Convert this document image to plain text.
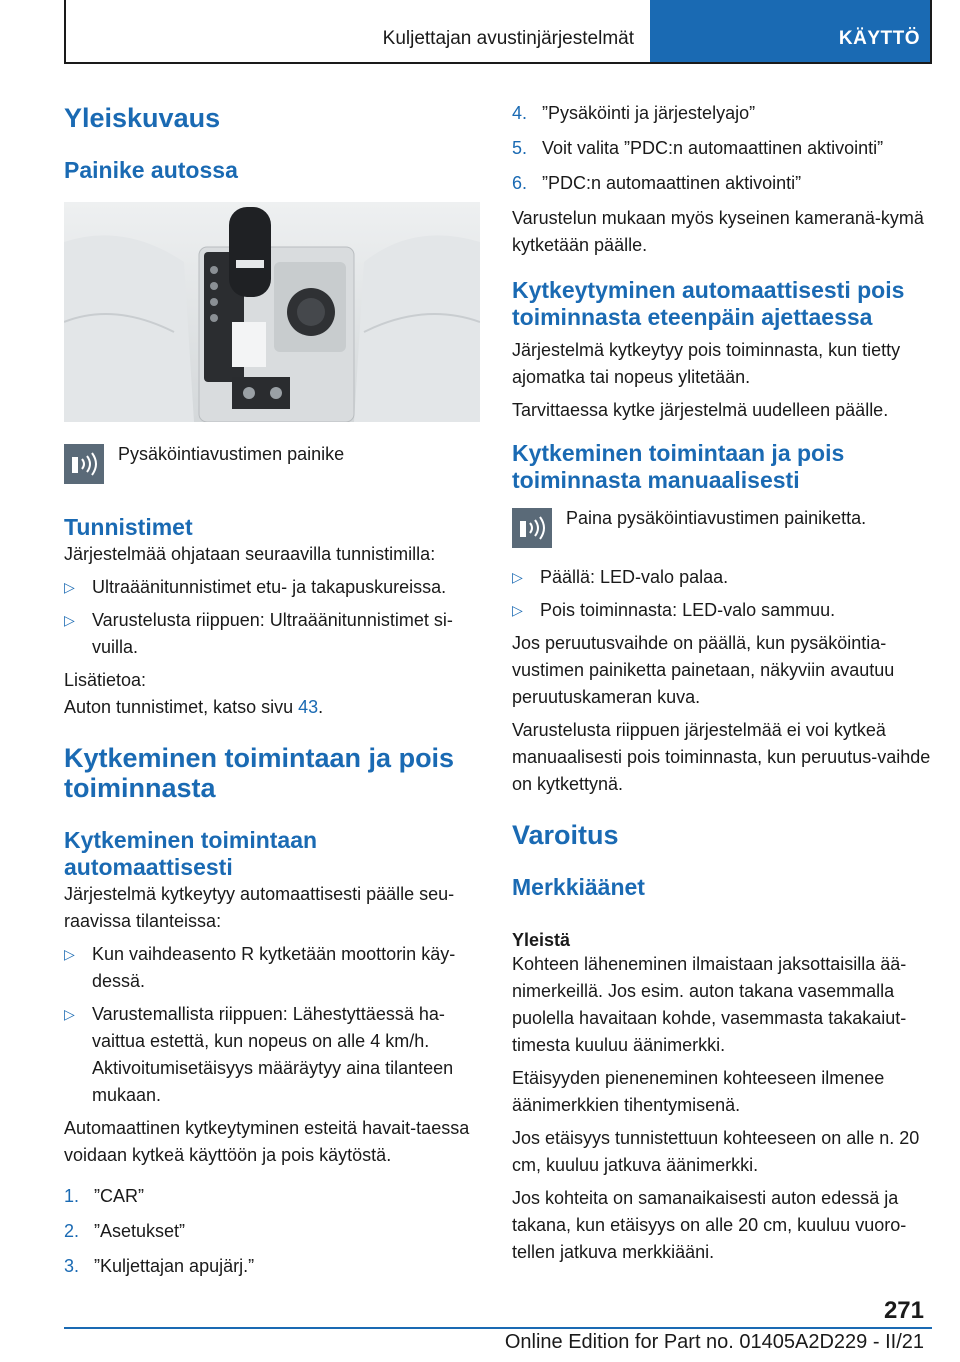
Kuljettajan avustinjärjestelmät	KÄYTTÖ
Yleiskuvaus
Painike autossa
Pysäköintiavustimen painike
Tunnistimet

Järjestelmää ohjataan seuraavilla tunnistimilla:

▷ Ultraäänitunnistimet etu- ja takapuskureissa.
▷ Varustelusta riippuen: Ultraäänitunnistimet si-vuilla.

Lisätietoa:

Auton tunnistimet, katso sivu 43.

Kytkeminen toimintaan ja pois toiminnasta
Kytkeminen toimintaan automaattisesti

Järjestelmä kytkeytyy automaattisesti päälle seu-raavissa tilanteissa:

▷ Kun vaihdeasento R kytketään moottorin käy-dessä.
▷ Varustemallista riippuen: Lähestyttäessä ha-vaittua estettä, kun nopeus on alle 4 km/h. Aktivoitumisetäisyys määräytyy aina tilanteen mukaan.

Automaattinen kytkeytyminen esteitä havait-taessa voidaan kytkeä käyttöön ja pois käytöstä.

1. ”CAR”
2. ”Asetukset”
3. ”Kuljettajan apujärj.”
4. ”Pysäköinti ja järjestelyajo”
5. Voit valita ”PDC:n automaattinen aktivointi”
6. ”PDC:n automaattinen aktivointi”

Varustelun mukaan myös kyseinen kameranä-kymä kytketään päälle.

Kytkeytyminen automaattisesti pois toiminnasta eteenpäin ajettaessa

Järjestelmä kytkeytyy pois toiminnasta, kun tietty ajomatka tai nopeus ylitetään.

Tarvittaessa kytke järjestelmä uudelleen päälle.

Kytkeminen toimintaan ja pois toiminnasta manuaalisesti
Paina pysäköintiavustimen painiketta.
▷ Päällä: LED-valo palaa.
▷ Pois toiminnasta: LED-valo sammuu.

Jos peruutusvaihde on päällä, kun pysäköintia-vustimen painiketta painetaan, näkyviin avautuu peruutuskameran kuva.

Varustelusta riippuen järjestelmää ei voi kytkeä manuaalisesti pois toiminnasta, kun peruutus-vaihde on kytkettynä.

Varoitus
Merkkiäänet
Yleistä

Kohteen läheneminen ilmaistaan jaksottaisilla ää-nimerkeillä. Jos esim. auton takana vasemmalla puolella havaitaan kohde, vasemmasta takakaiut-timesta kuuluu äänimerkki.

Etäisyyden pieneneminen kohteeseen ilmenee äänimerkkien tihentymisenä.

Jos etäisyys tunnistettuun kohteeseen on alle n. 20 cm, kuuluu jatkuva äänimerkki.

Jos kohteita on samanaikaisesti auton edessä ja takana, kun etäisyys on alle 20 cm, kuuluu vuoro-tellen jatkuva merkkiääni.

271
Online Edition for Part no. 01405A2D229 - II/21
